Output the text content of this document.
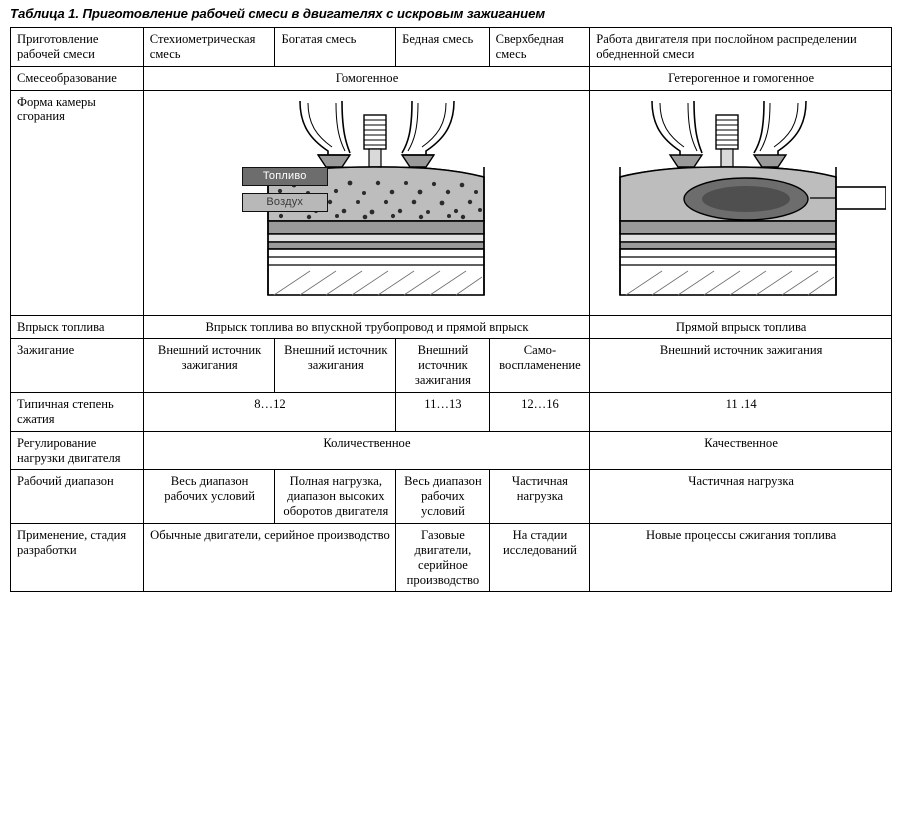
Таблица 1. Приготовление рабочей смеси в двигателях с искровым зажиганием
Приготовление рабочей смеси	Стехиометрическая смесь	Богатая смесь	Бедная смесь	Сверхбедная смесь	Работа двигателя при послойном распределении обедненной смеси
Смесеобразование	Гомогенное				Гетерогенное и гомогенное
Форма камеры сгорания	Топливо
Воздух

Впрыск топлива	Впрыск топлива во впускной трубопровод и прямой впрыск				Прямой впрыск топлива
Зажигание	Внешний источник зажигания	Внешний источник зажигания	Внешний источник зажигания	Само-воспламенение	Внешний источник зажигания
Типичная степень сжатия	8…12		11…13	12…16	11 .14
Регулирование нагрузки двигателя	Количественное				Качественное
Рабочий диапазон	Весь диапазон рабочих условий	Полная нагрузка, диапазон высоких оборотов двигателя	Весь диапазон рабочих условий	Частичная нагрузка	Частичная нагрузка
Применение, стадия разработки	Обычные двигатели, серийное производство		Газовые двигатели, серийное производство	На стадии исследований	Новые процессы сжигания топлива
